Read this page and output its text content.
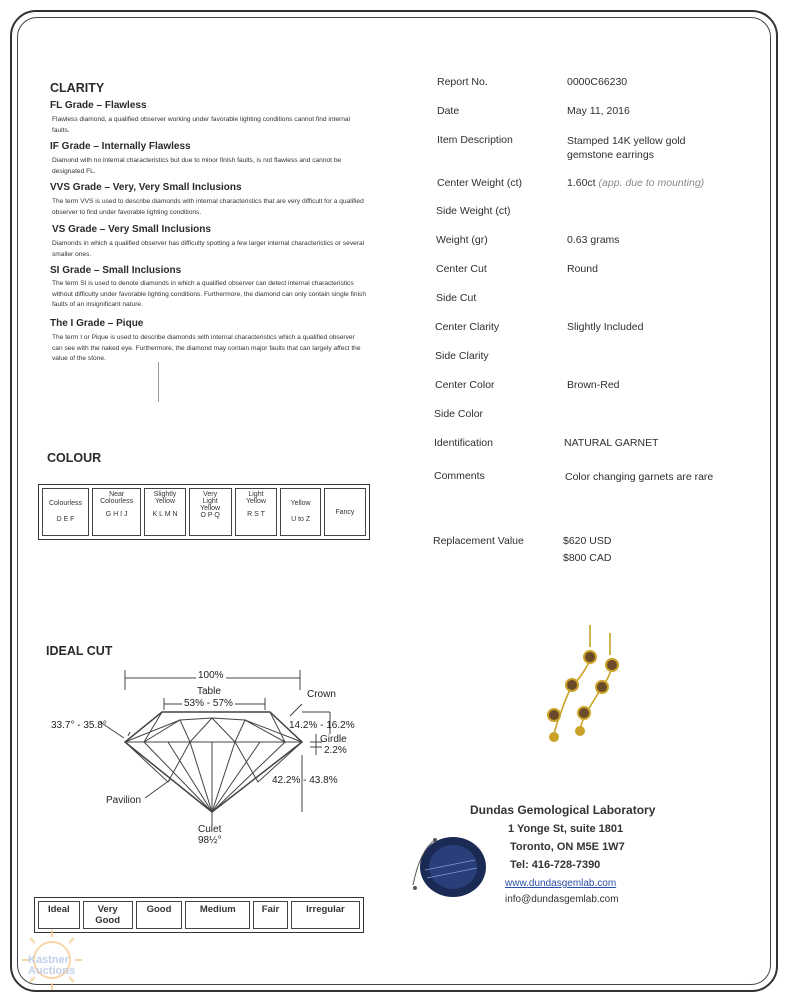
CLARITY
FL Grade – Flawless
Flawless diamond, a qualified observer working under favorable lighting conditions cannot find internal faults.
IF Grade – Internally Flawless
Diamond with no internal characteristics but due to minor finish faults, is not flawless and cannot be designated FL.
VVS Grade – Very, Very Small Inclusions
The term VVS is used to describe diamonds with internal characteristics that are very difficult for a qualified observer to find under favorable lighting conditions.
VS Grade – Very Small Inclusions
Diamonds in which a qualified observer has difficulty spotting a few larger internal characteristics or several smaller ones.
SI Grade – Small Inclusions
The term SI is used to denote diamonds in which a qualified observer can detect internal characteristics without difficulty under favorable lighting conditions. Furthermore, the diamond can only contain single finish faults of an insignificant nature.
The I Grade – Pique
The term I or Pique is used to describe diamonds with internal characteristics which a qualified observer can see with the naked eye. Furthermore, the diamond may contain major faults that can largely affect the value of the stone.
COLOUR
Colourless
D E F

Near Colourless
G H I J

Slightly Yellow
K L M N

Very Light Yellow
O P Q

Light Yellow
R S T

Yellow
U to Z

Fancy
IDEAL CUT
100%
Table
53% - 57%
Crown
33.7° - 35.8°	14.2% - 16.2%
Girdle
2.2%
42.2% - 43.8%
Pavilion
Culet
98½°
Ideal	Very Good	Good	Medium	Fair	Irregular
Report No.	0000C66230
Date	May 11, 2016
Item Description	Stamped 14K yellow gold gemstone earrings
Center Weight (ct)	1.60ct (app. due to mounting)
Side Weight (ct)
Weight (gr)	0.63 grams
Center Cut	Round
Side Cut
Center Clarity	Slightly Included
Side Clarity
Center Color	Brown-Red
Side Color
Identification	NATURAL GARNET
Comments	Color changing garnets are rare
Replacement Value	$620 USD
$800 CAD
Dundas Gemological Laboratory
1 Yonge St, suite 1801
Toronto, ON M5E 1W7
Tel: 416-728-7390
www.dundasgemlab.com
info@dundasgemlab.com
Kastner Auctions
